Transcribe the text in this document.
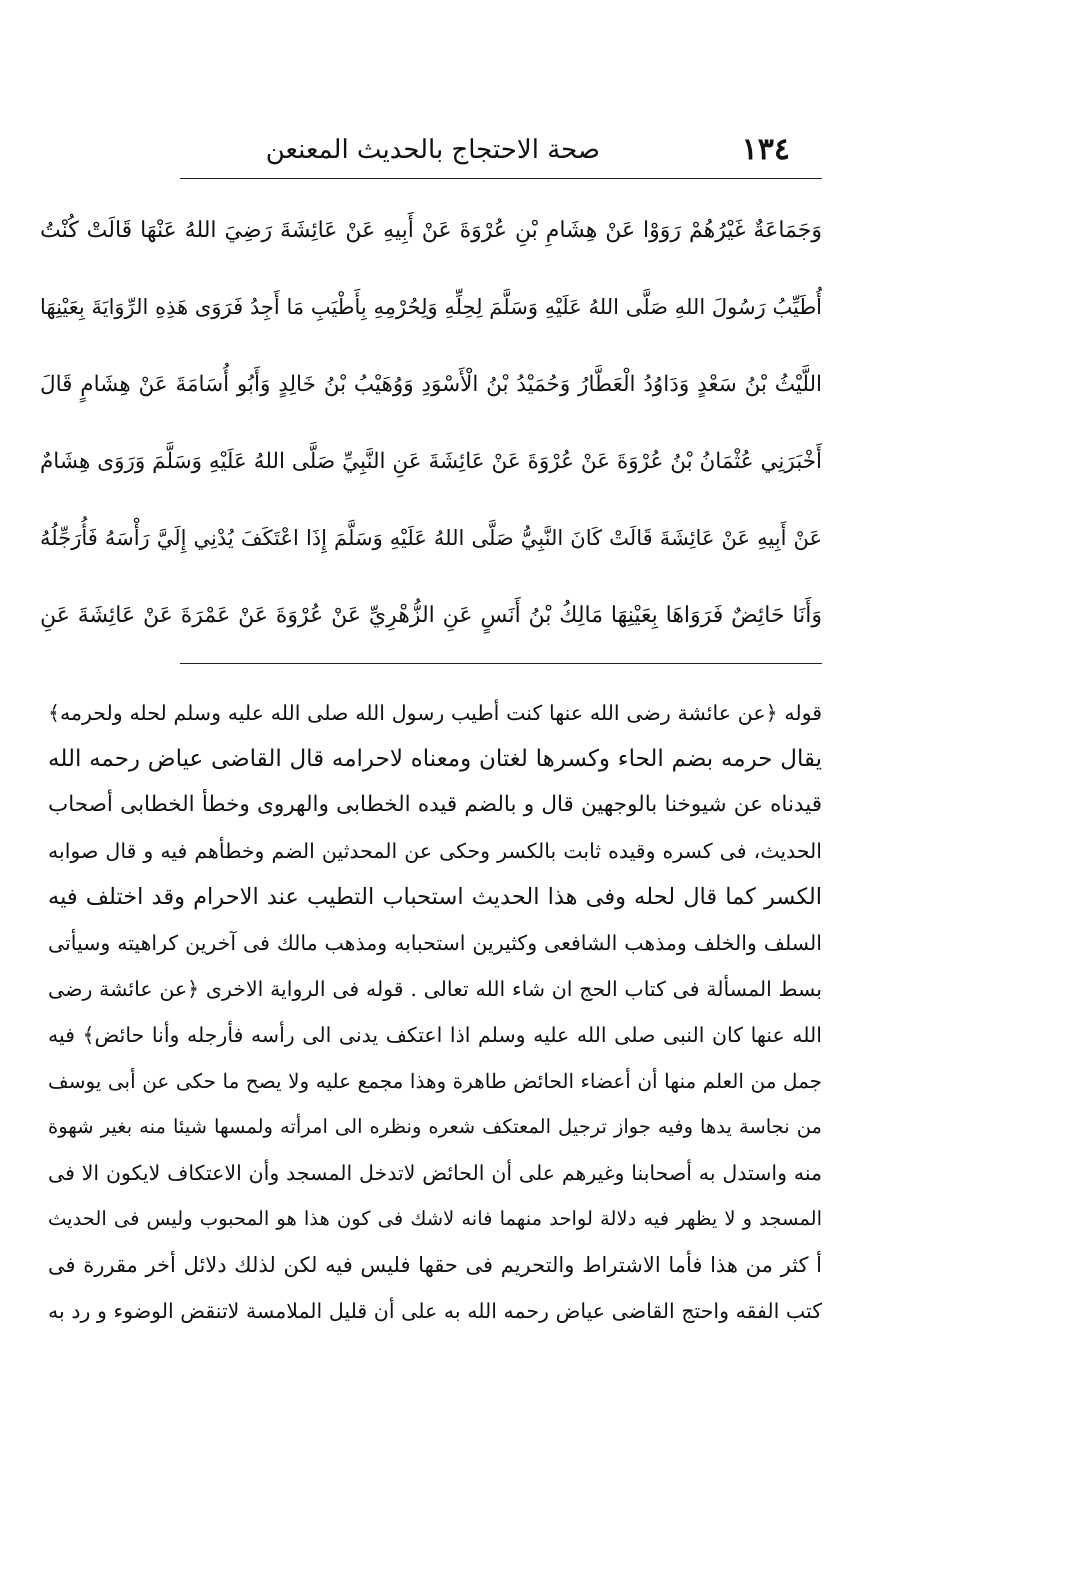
١٣٤
صحة الاحتجاج بالحديث المعنعن
وَجَمَاعَةٌ غَيْرُهُمْ رَوَوْا عَنْ هِشَامِ بْنِ عُرْوَةَ عَنْ أَبِيهِ عَنْ عَائِشَةَ رَضِيَ اللهُ عَنْهَا قَالَتْ كُنْتُ
أُطَيِّبُ رَسُولَ اللهِ صَلَّى اللهُ عَلَيْهِ وَسَلَّمَ لِحِلِّهِ وَلِحُرْمِهِ بِأَطْيَبِ مَا أَجِدُ فَرَوَى هَذِهِ الرِّوَايَةَ بِعَيْنِهَا
اللَّيْثُ بْنُ سَعْدٍ وَدَاوُدُ الْعَطَّارُ وَحُمَيْدُ بْنُ الْأَسْوَدِ وَوُهَيْبُ بْنُ خَالِدٍ وَأَبُو أُسَامَةَ عَنْ هِشَامٍ قَالَ
أَخْبَرَنِي عُثْمَانُ بْنُ عُرْوَةَ عَنْ عُرْوَةَ عَنْ عَائِشَةَ عَنِ النَّبِيِّ صَلَّى اللهُ عَلَيْهِ وَسَلَّمَ وَرَوَى هِشَامٌ
عَنْ أَبِيهِ عَنْ عَائِشَةَ قَالَتْ كَانَ النَّبِيُّ صَلَّى اللهُ عَلَيْهِ وَسَلَّمَ إِذَا اعْتَكَفَ يُدْنِي إِلَيَّ رَأْسَهُ فَأُرَجِّلُهُ
وَأَنَا حَائِضٌ فَرَوَاهَا بِعَيْنِهَا مَالِكُ بْنُ أَنَسٍ عَنِ الزُّهْرِيِّ عَنْ عُرْوَةَ عَنْ عَمْرَةَ عَنْ عَائِشَةَ عَنِ
قوله ﴿عن عائشة رضى الله عنها كنت أطيب رسول الله صلى الله عليه وسلم لحله ولحرمه﴾
يقال حرمه بضم الحاء وكسرها لغتان ومعناه لاحرامه قال القاضى عياض رحمه الله
قيدناه عن شيوخنا بالوجهين قال و بالضم قيده الخطابى والهروى وخطأ الخطابى أصحاب
الحديث، فى كسره وقيده ثابت بالكسر وحكى عن المحدثين الضم وخطأهم فيه و قال صوابه
الكسر كما قال لحله وفى هذا الحديث استحباب التطيب عند الاحرام وقد اختلف فيه
السلف والخلف ومذهب الشافعى وكثيرين استحبابه ومذهب مالك فى آخرين كراهيته وسيأتى
بسط المسألة فى كتاب الحج ان شاء الله تعالى . قوله فى الرواية الاخرى ﴿عن عائشة رضى
الله عنها كان النبى صلى الله عليه وسلم اذا اعتكف يدنى الى رأسه فأرجله وأنا حائض﴾ فيه
جمل من العلم منها أن أعضاء الحائض طاهرة وهذا مجمع عليه ولا يصح ما حكى عن أبى يوسف
من نجاسة يدها وفيه جواز ترجيل المعتكف شعره ونظره الى امرأته ولمسها شيئا منه بغير شهوة
منه واستدل به أصحابنا وغيرهم على أن الحائض لاتدخل المسجد وأن الاعتكاف لايكون الا فى
المسجد و لا يظهر فيه دلالة لواحد منهما فانه لاشك فى كون هذا هو المحبوب وليس فى الحديث
أ كثر من هذا فأما الاشتراط والتحريم فى حقها فليس فيه لكن لذلك دلائل أخر مقررة فى
كتب الفقه واحتج القاضى عياض رحمه الله به على أن قليل الملامسة لاتنقض الوضوء و رد به
